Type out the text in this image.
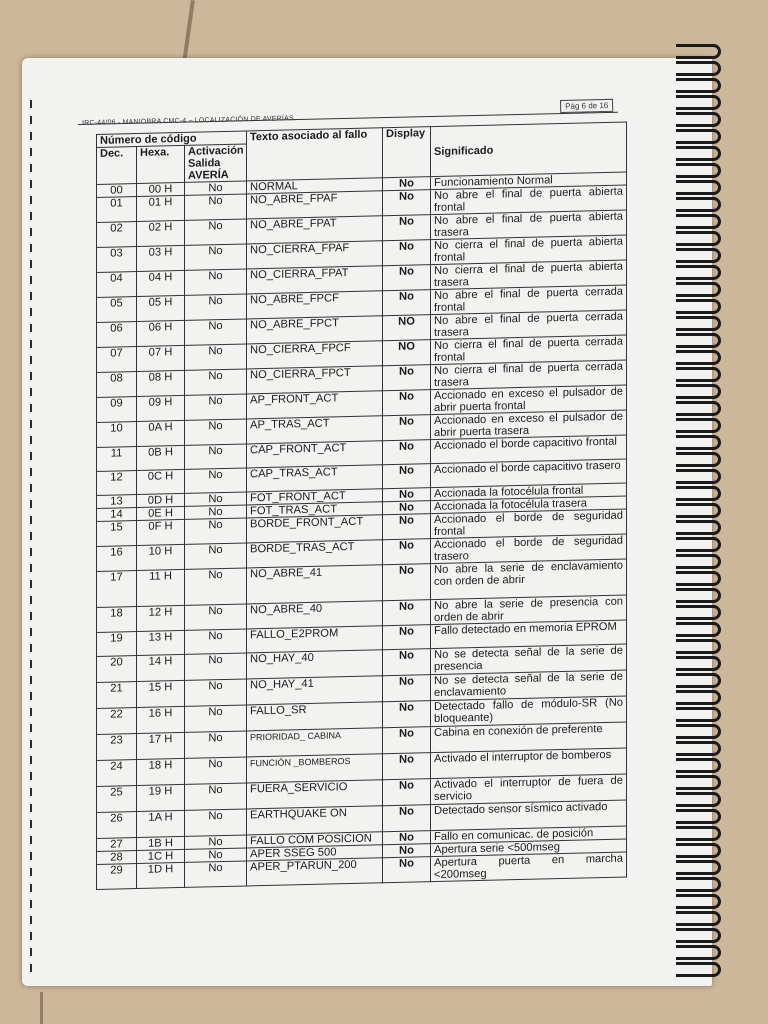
Pág 6 de 16
IRC-44/06 - MANIOBRA CMC-4 – LOCALIZACIÓN DE AVERÍAS.
Número de código			Texto asociado al fallo	Display	Significado
Dec.	Hexa.	Activación Salida AVERÍA			
00	00 H	No	NORMAL	No	Funcionamiento Normal
01	01 H	No	NO_ABRE_FPAF	No	No abre el final de puerta abierta frontal
02	02 H	No	NO_ABRE_FPAT	No	No abre el final de puerta abierta trasera
03	03 H	No	NO_CIERRA_FPAF	No	No cierra el final de puerta abierta frontal
04	04 H	No	NO_CIERRA_FPAT	No	No cierra el final de puerta abierta trasera
05	05 H	No	NO_ABRE_FPCF	No	No abre el final de puerta cerrada frontal
06	06 H	No	NO_ABRE_FPCT	NO	No abre el final de puerta cerrada trasera
07	07 H	No	NO_CIERRA_FPCF	NO	No cierra el final de puerta cerrada frontal
08	08 H	No	NO_CIERRA_FPCT	No	No cierra el final de puerta cerrada trasera
09	09 H	No	AP_FRONT_ACT	No	Accionado en exceso el pulsador de abrir puerta frontal
10	0A H	No	AP_TRAS_ACT	No	Accionado en exceso el pulsador de abrir puerta trasera
11	0B H	No	CAP_FRONT_ACT	No	Accionado el borde capacitivo frontal
12	0C H	No	CAP_TRAS_ACT	No	Accionado el borde capacitivo trasero
13	0D H	No	FOT_FRONT_ACT	No	Accionada la fotocélula frontal
14	0E H	No	FOT_TRAS_ACT	No	Accionada la fotocélula trasera
15	0F H	No	BORDE_FRONT_ACT	No	Accionado el borde de seguridad frontal
16	10 H	No	BORDE_TRAS_ACT	No	Accionado el borde de seguridad trasero
17	11 H	No	NO_ABRE_41	No	No abre la serie de enclavamiento con orden de abrir
18	12 H	No	NO_ABRE_40	No	No abre la serie de presencia con orden de abrir
19	13 H	No	FALLO_E2PROM	No	Fallo detectado en memoria EPROM
20	14 H	No	NO_HAY_40	No	No se detecta señal de la serie de presencia
21	15 H	No	NO_HAY_41	No	No se detecta señal de la serie de enclavamiento
22	16 H	No	FALLO_SR	No	Detectado fallo de módulo-SR (No bloqueante)
23	17 H	No	PRIORIDAD_ CABINA	No	Cabina en conexión de preferente
24	18 H	No	FUNCIÓN _BOMBEROS	No	Activado el interruptor de bomberos
25	19 H	No	FUERA_SERVICIO	No	Activado el interruptor de fuera de servicio
26	1A H	No	EARTHQUAKE ON	No	Detectado sensor sísmico activado
27	1B H	No	FALLO COM POSICION	No	Fallo en comunicac. de posición
28	1C H	No	APER SSEG 500	No	Apertura serie <500mseg
29	1D H	No	APER_PTARUN_200	No	Apertura puerta en marcha <200mseg
